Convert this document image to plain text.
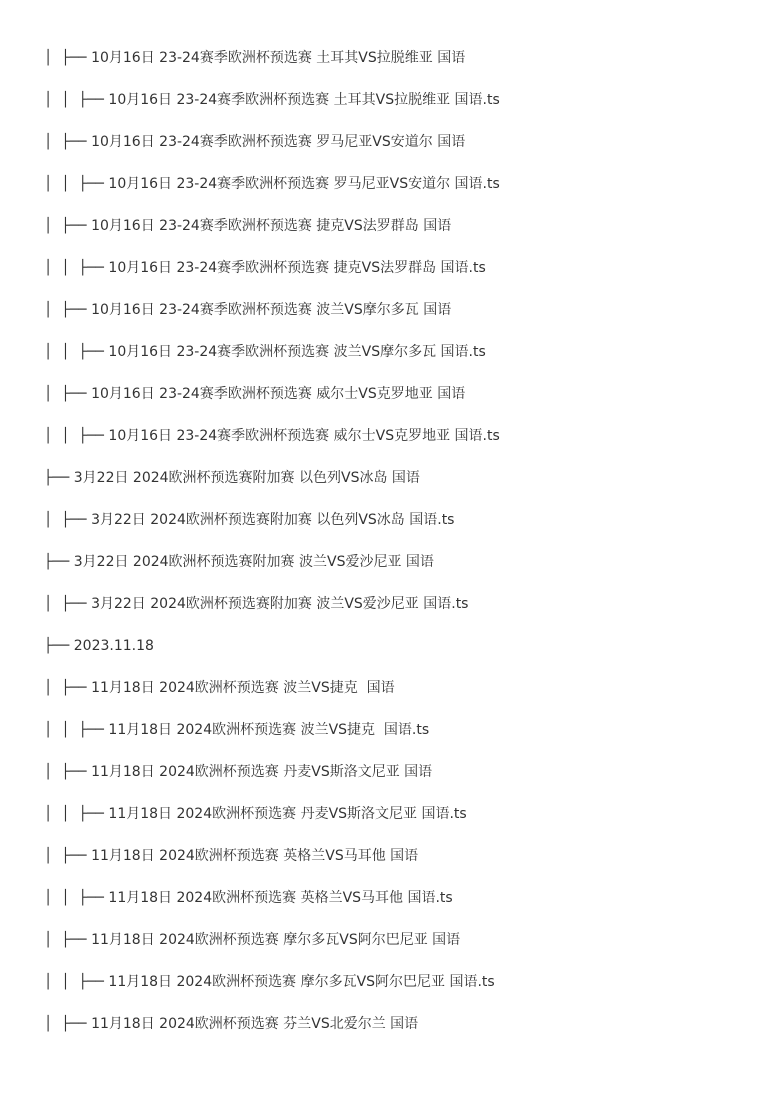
│  ├── 10月16日 23-24赛季欧洲杯预选赛 土耳其VS拉脱维亚 国语
│  │  ├── 10月16日 23-24赛季欧洲杯预选赛 土耳其VS拉脱维亚 国语.ts
│  ├── 10月16日 23-24赛季欧洲杯预选赛 罗马尼亚VS安道尔 国语
│  │  ├── 10月16日 23-24赛季欧洲杯预选赛 罗马尼亚VS安道尔 国语.ts
│  ├── 10月16日 23-24赛季欧洲杯预选赛 捷克VS法罗群岛 国语
│  │  ├── 10月16日 23-24赛季欧洲杯预选赛 捷克VS法罗群岛 国语.ts
│  ├── 10月16日 23-24赛季欧洲杯预选赛 波兰VS摩尔多瓦 国语
│  │  ├── 10月16日 23-24赛季欧洲杯预选赛 波兰VS摩尔多瓦 国语.ts
│  ├── 10月16日 23-24赛季欧洲杯预选赛 威尔士VS克罗地亚 国语
│  │  ├── 10月16日 23-24赛季欧洲杯预选赛 威尔士VS克罗地亚 国语.ts
├── 3月22日 2024欧洲杯预选赛附加赛 以色列VS冰岛 国语
│  ├── 3月22日 2024欧洲杯预选赛附加赛 以色列VS冰岛 国语.ts
├── 3月22日 2024欧洲杯预选赛附加赛 波兰VS爱沙尼亚 国语
│  ├── 3月22日 2024欧洲杯预选赛附加赛 波兰VS爱沙尼亚 国语.ts
├── 2023.11.18
│  ├── 11月18日 2024欧洲杯预选赛 波兰VS捷克  国语
│  │  ├── 11月18日 2024欧洲杯预选赛 波兰VS捷克  国语.ts
│  ├── 11月18日 2024欧洲杯预选赛 丹麦VS斯洛文尼亚 国语
│  │  ├── 11月18日 2024欧洲杯预选赛 丹麦VS斯洛文尼亚 国语.ts
│  ├── 11月18日 2024欧洲杯预选赛 英格兰VS马耳他 国语
│  │  ├── 11月18日 2024欧洲杯预选赛 英格兰VS马耳他 国语.ts
│  ├── 11月18日 2024欧洲杯预选赛 摩尔多瓦VS阿尔巴尼亚 国语
│  │  ├── 11月18日 2024欧洲杯预选赛 摩尔多瓦VS阿尔巴尼亚 国语.ts
│  ├── 11月18日 2024欧洲杯预选赛 芬兰VS北爱尔兰 国语
